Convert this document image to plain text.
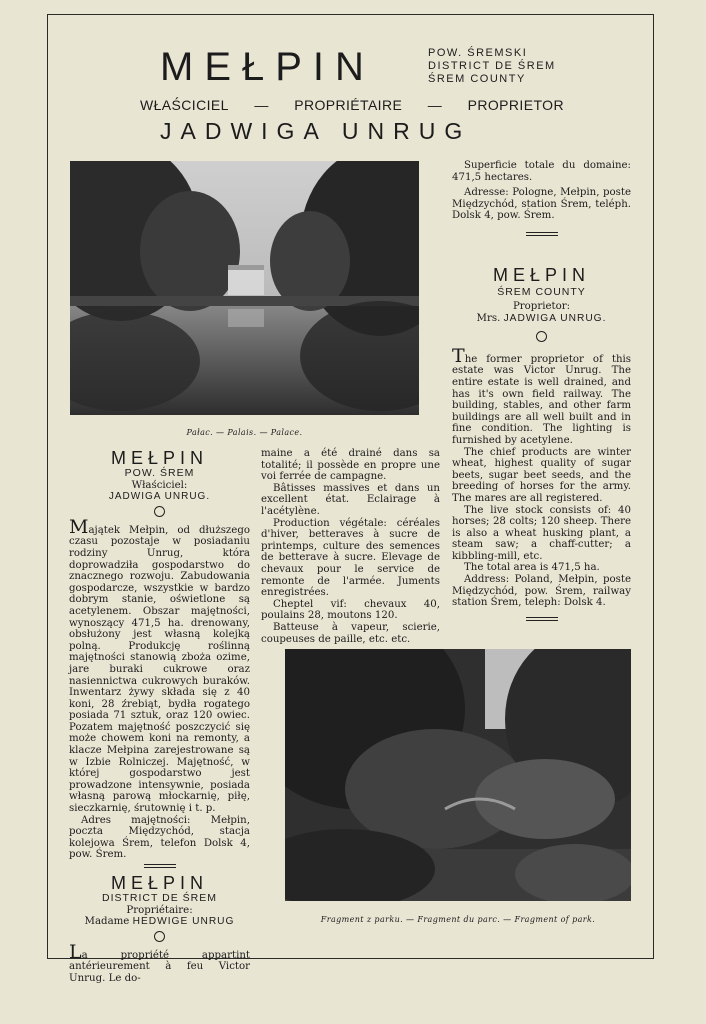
MEŁPIN	POW. ŚREMSKI
DISTRICT DE ŚREM
ŚREM COUNTY
WŁAŚCICIEL — PROPRIÉTAIRE — PROPRIETOR
JADWIGA UNRUG
Pałac. — Palais. — Palace.

Superficie totale du domaine: 471,5 hectares.

Adresse: Pologne, Mełpin, poste Międzychód, station Śrem, teléph. Dolsk 4, pow. Śrem.

MEŁPIN
ŚREM COUNTY
Proprietor:
Mrs. JADWIGA UNRUG.

The former proprietor of this estate was Victor Unrug. The entire estate is well drained, and has it's own field railway. The building, stables, and other farm buildings are all well built and in fine condition. The lighting is furnished by acetylene.

The chief products are winter wheat, highest quality of sugar beets, sugar beet seeds, and the breeding of horses for the army. The mares are all registered.

The live stock consists of: 40 horses; 28 colts; 120 sheep. There is also a wheat husking plant, a steam saw; a chaff-cutter; a kibbling-mill, etc.

The total area is 471,5 ha.

Address: Poland, Mełpin, poste Międzychód, pow. Śrem, railway station Śrem, teleph: Dolsk 4.

MEŁPIN
POW. ŚREM
Właściciel:
JADWIGA UNRUG.

Majątek Mełpin, od dłuższego czasu pozostaje w posiadaniu rodziny Unrug, która doprowadziła gospodarstwo do znacznego rozwoju. Zabudowania gospodarcze, wszystkie w bardzo dobrym stanie, oświetlone są acetylenem. Obszar majętności, wynoszący 471,5 ha. drenowany, obsłużony jest własną kolejką polną. Produkcję roślinną majętności stanowią zboża ozime, jare buraki cukrowe oraz nasiennictwa cukrowych buraków. Inwentarz żywy składa się z 40 koni, 28 źrebiąt, bydła rogatego posiada 71 sztuk, oraz 120 owiec. Pozatem majętność poszczycić się może chowem koni na remonty, a klacze Mełpina zarejestrowane są w Izbie Rolniczej. Majętność, w której gospodarstwo jest prowadzone intensywnie, posiada własną parową młockarnię, piłę, sieczkarnię, śrutownię i t. p.

Adres majętności: Mełpin, poczta Międzychód, stacja kolejowa Śrem, telefon Dolsk 4, pow. Śrem.

MEŁPIN
DISTRICT DE ŚREM
Propriétaire:
Madame HEDWIGE UNRUG

La propriété appartint antérieurement à feu Victor Unrug. Le do-

maine a été drainé dans sa totalité; il possède en propre une voi ferrée de campagne.

Bâtisses massives et dans un excellent état. Eclairage à l'acétylène.

Production végétale: céréales d'hiver, betteraves à sucre de printemps, culture des semences de betterave à sucre. Elevage de chevaux pour le service de remonte de l'armée. Juments enregistrées.

Cheptel vif: chevaux 40, poulains 28, moutons 120.

Batteuse à vapeur, scierie, coupeuses de paille, etc. etc.

Fragment z parku. — Fragment du parc. — Fragment of park.
